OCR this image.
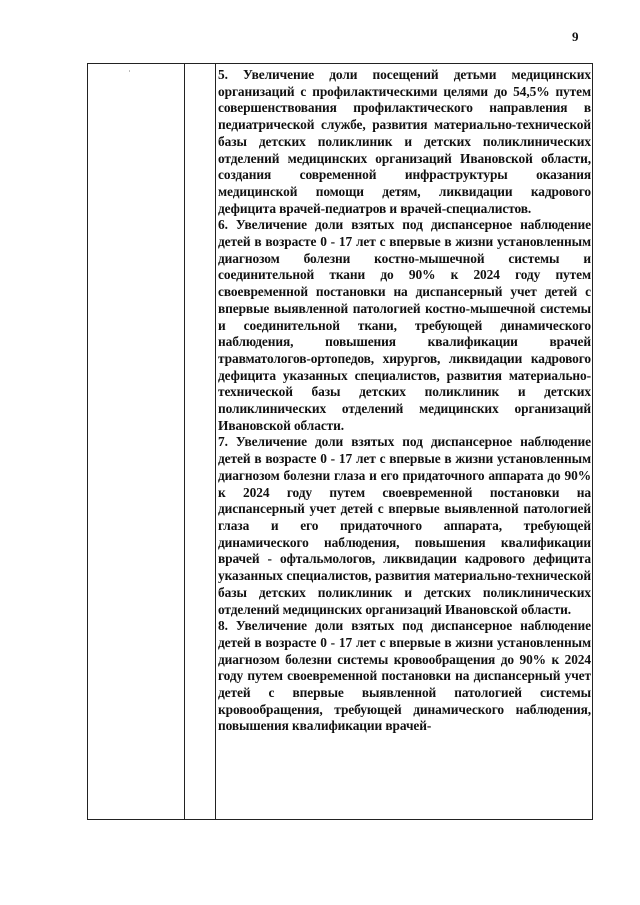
9
˙	5. Увеличение доли посещений детьми медицинских организаций с профилактическими целями до 54,5% путем совершенствования профилактического направления в педиатрической службе, развития материально-технической базы детских поликлиник и детских поликлинических отделений медицинских организаций Ивановской области, создания современной инфраструктуры оказания медицинской помощи детям, ликвидации кадрового дефицита врачей-педиатров и врачей-специалистов.

6. Увеличение доли взятых под диспансерное наблюдение детей в возрасте 0 - 17 лет с впервые в жизни установленным диагнозом болезни костно-мышечной системы и соединительной ткани до 90% к 2024 году путем своевременной постановки на диспансерный учет детей с впервые выявленной патологией костно-мышечной системы и соединительной ткани, требующей динамического наблюдения, повышения квалификации врачей травматологов-ортопедов, хирургов, ликвидации кадрового дефицита указанных специалистов, развития материально-технической базы детских поликлиник и детских поликлинических отделений медицинских организаций Ивановской области.

7. Увеличение доли взятых под диспансерное наблюдение детей в возрасте 0 - 17 лет с впервые в жизни установленным диагнозом болезни глаза и его придаточного аппарата до 90% к 2024 году путем своевременной постановки на диспансерный учет детей с впервые выявленной патологией глаза и его придаточного аппарата, требующей динамического наблюдения, повышения квалификации врачей - офтальмологов, ликвидации кадрового дефицита указанных специалистов, развития материально-технической базы детских поликлиник и детских поликлинических отделений медицинских организаций Ивановской области.

8. Увеличение доли взятых под диспансерное наблюдение детей в возрасте 0 - 17 лет с впервые в жизни установленным диагнозом болезни системы кровообращения до 90% к 2024 году путем своевременной постановки на диспансерный учет детей с впервые выявленной патологией системы кровообращения, требующей динамического наблюдения, повышения квалификации врачей-
